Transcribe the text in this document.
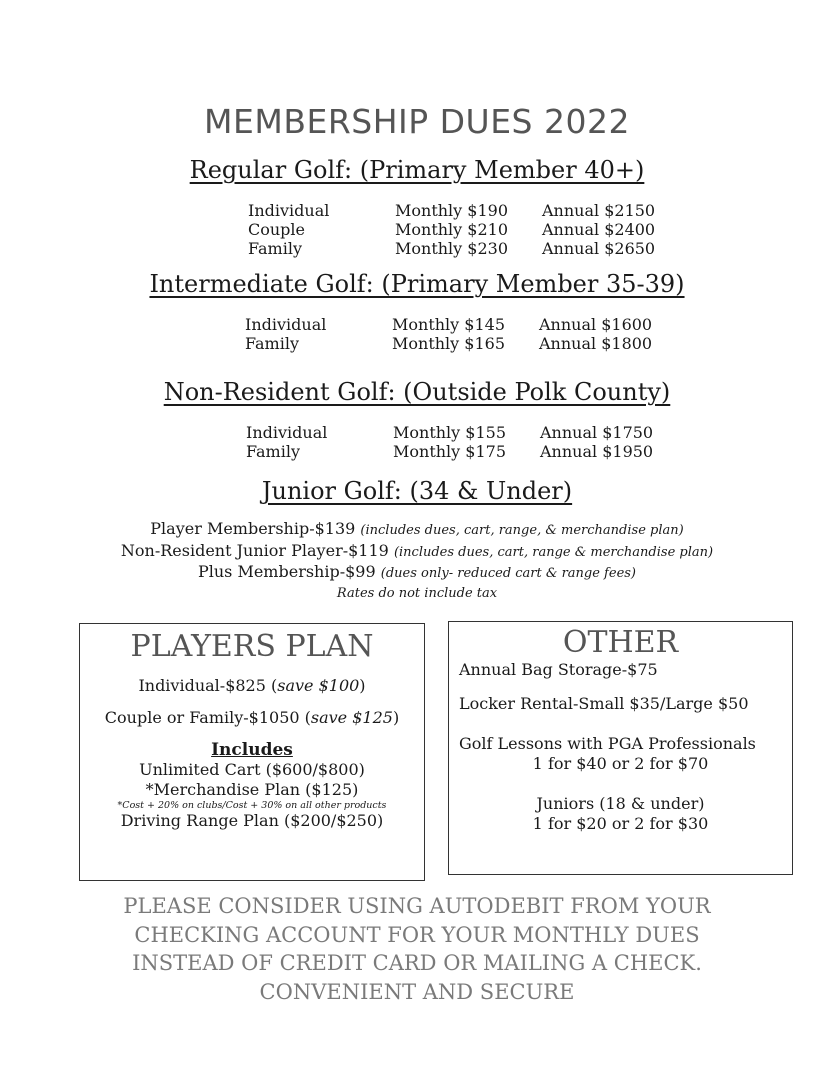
MEMBERSHIP DUES 2022
Regular Golf: (Primary Member 40+)
Individual	Monthly $190 Annual $2150
Couple	Monthly $210 Annual $2400
Family	Monthly $230 Annual $2650
Intermediate Golf: (Primary Member 35-39)
Individual	Monthly $145 Annual $1600
Family	Monthly $165 Annual $1800
Non-Resident Golf: (Outside Polk County)
Individual	Monthly $155 Annual $1750
Family	Monthly $175 Annual $1950
Junior Golf: (34 & Under)
Player Membership-$139 (includes dues, cart, range, & merchandise plan)
Non-Resident Junior Player-$119 (includes dues, cart, range & merchandise plan)
Plus Membership-$99 (dues only- reduced cart & range fees)
Rates do not include tax
PLAYERS PLAN
Individual-$825 (save $100)
Couple or Family-$1050 (save $125)
Includes
Unlimited Cart ($600/$800)
*Merchandise Plan ($125)
*Cost + 20% on clubs/Cost + 30% on all other products
Driving Range Plan ($200/$250)
OTHER
Annual Bag Storage-$75
Locker Rental-Small $35/Large $50
Golf Lessons with PGA Professionals
1 for $40 or 2 for $70
Juniors (18 & under)
1 for $20 or 2 for $30
PLEASE CONSIDER USING AUTODEBIT FROM YOUR
CHECKING ACCOUNT FOR YOUR MONTHLY DUES
INSTEAD OF CREDIT CARD OR MAILING A CHECK.
CONVENIENT AND SECURE
